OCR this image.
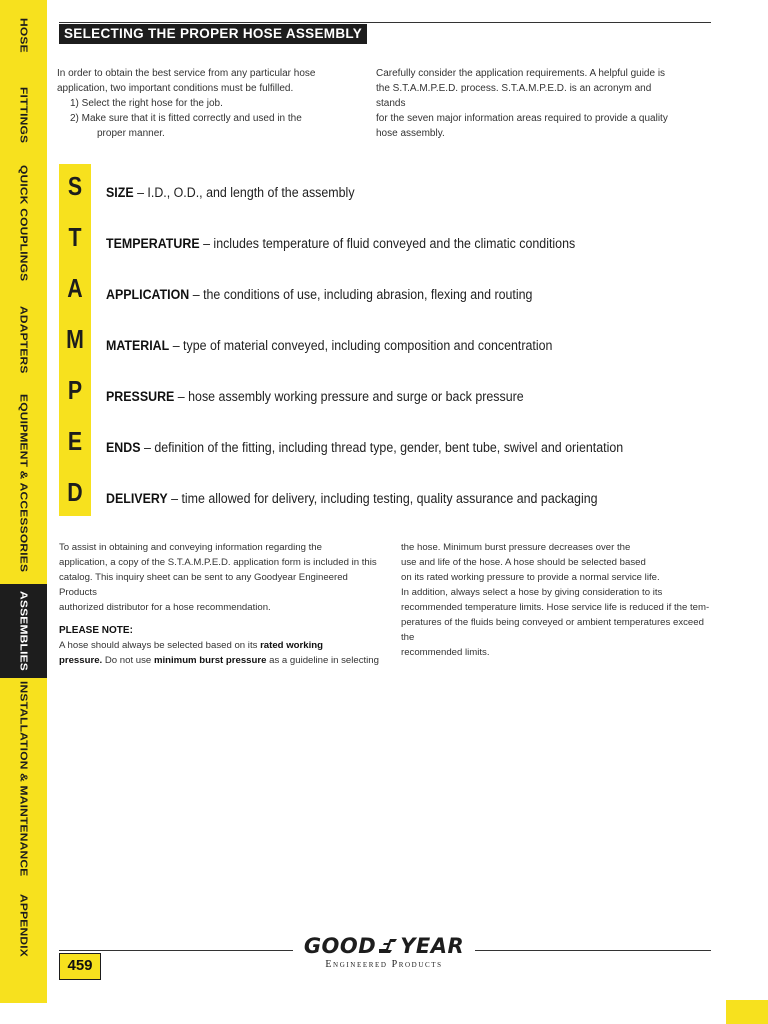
HOSE
FITTINGS
QUICK COUPLINGS
ADAPTERS
EQUIPMENT & ACCESSORIES
ASSEMBLIES
INSTALLATION & MAINTENANCE
APPENDIX
SELECTING THE PROPER HOSE ASSEMBLY
In order to obtain the best service from any particular hose
application, two important conditions must be fulfilled.
1) Select the right hose for the job.
2) Make sure that it is fitted correctly and used in the
proper manner.
Carefully consider the application requirements. A helpful guide is
the S.T.A.M.P.E.D. process. S.T.A.M.P.E.D. is an acronym and stands
for the seven major information areas required to provide a quality
hose assembly.
S
T
A
M
P
E
D
SIZE – I.D., O.D., and length of the assembly
TEMPERATURE – includes temperature of fluid conveyed and the climatic conditions
APPLICATION – the conditions of use, including abrasion, flexing and routing
MATERIAL – type of material conveyed, including composition and concentration
PRESSURE – hose assembly working pressure and surge or back pressure
ENDS – definition of the fitting, including thread type, gender, bent tube, swivel and orientation
DELIVERY – time allowed for delivery, including testing, quality assurance and packaging
To assist in obtaining and conveying information regarding the
application, a copy of the S.T.A.M.P.E.D. application form is included in this
catalog. This inquiry sheet can be sent to any Goodyear Engineered Products
authorized distributor for a hose recommendation.
PLEASE NOTE:
A hose should always be selected based on its rated working
pressure. Do not use minimum burst pressure as a guideline in selecting
the hose. Minimum burst pressure decreases over the
use and life of the hose. A hose should be selected based
on its rated working pressure to provide a normal service life.
In addition, always select a hose by giving consideration to its
recommended temperature limits. Hose service life is reduced if the tem-
peratures of the fluids being conveyed or ambient temperatures exceed the
recommended limits.
459
GOOD YEAR
Engineered Products
